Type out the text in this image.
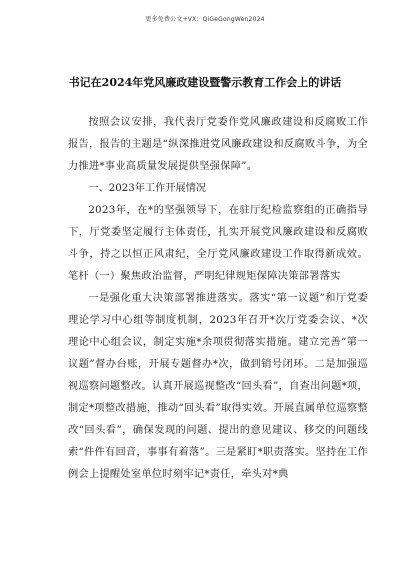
更多免费公文+VX：QiGeGongWen2024
书记在2024年党风廉政建设暨警示教育工作会上的讲话

按照会议安排，我代表厅党委作党风廉政建设和反腐败工作报告，报告的主题是“纵深推进党风廉政建设和反腐败斗争，为全力推进*事业高质量发展提供坚强保障”。

一、2023年工作开展情况

2023年，在*的坚强领导下，在驻厅纪检监察组的正确指导下，厅党委坚定履行主体责任，扎实开展党风廉政建设和反腐败斗争，持之以恒正风肃纪，全厅党风廉政建设工作取得新成效。笔杆（一）聚焦政治监督，严明纪律规矩保障决策部署落实

一是强化重大决策部署推进落实。落实“第一议题”和厅党委理论学习中心组等制度机制，2023年召开*次厅党委会议、*次理论中心组会议，制定实施*余项贯彻落实措施。建立完善“第一议题”督办台账，开展专题督办*次，做到销号闭环。二是加强巡视巡察问题整改。认真开展巡视整改“回头看”，自查出问题*项，制定*项整改措施，推动“回头看”取得实效。开展直属单位巡察整改“回头看”，确保发现的问题、提出的意见建议、移交的问题线索“件件有回音，事事有着落”。三是紧盯*职责落实。坚持在工作例会上提醒处室单位时刻牢记*责任，牵头对*典
